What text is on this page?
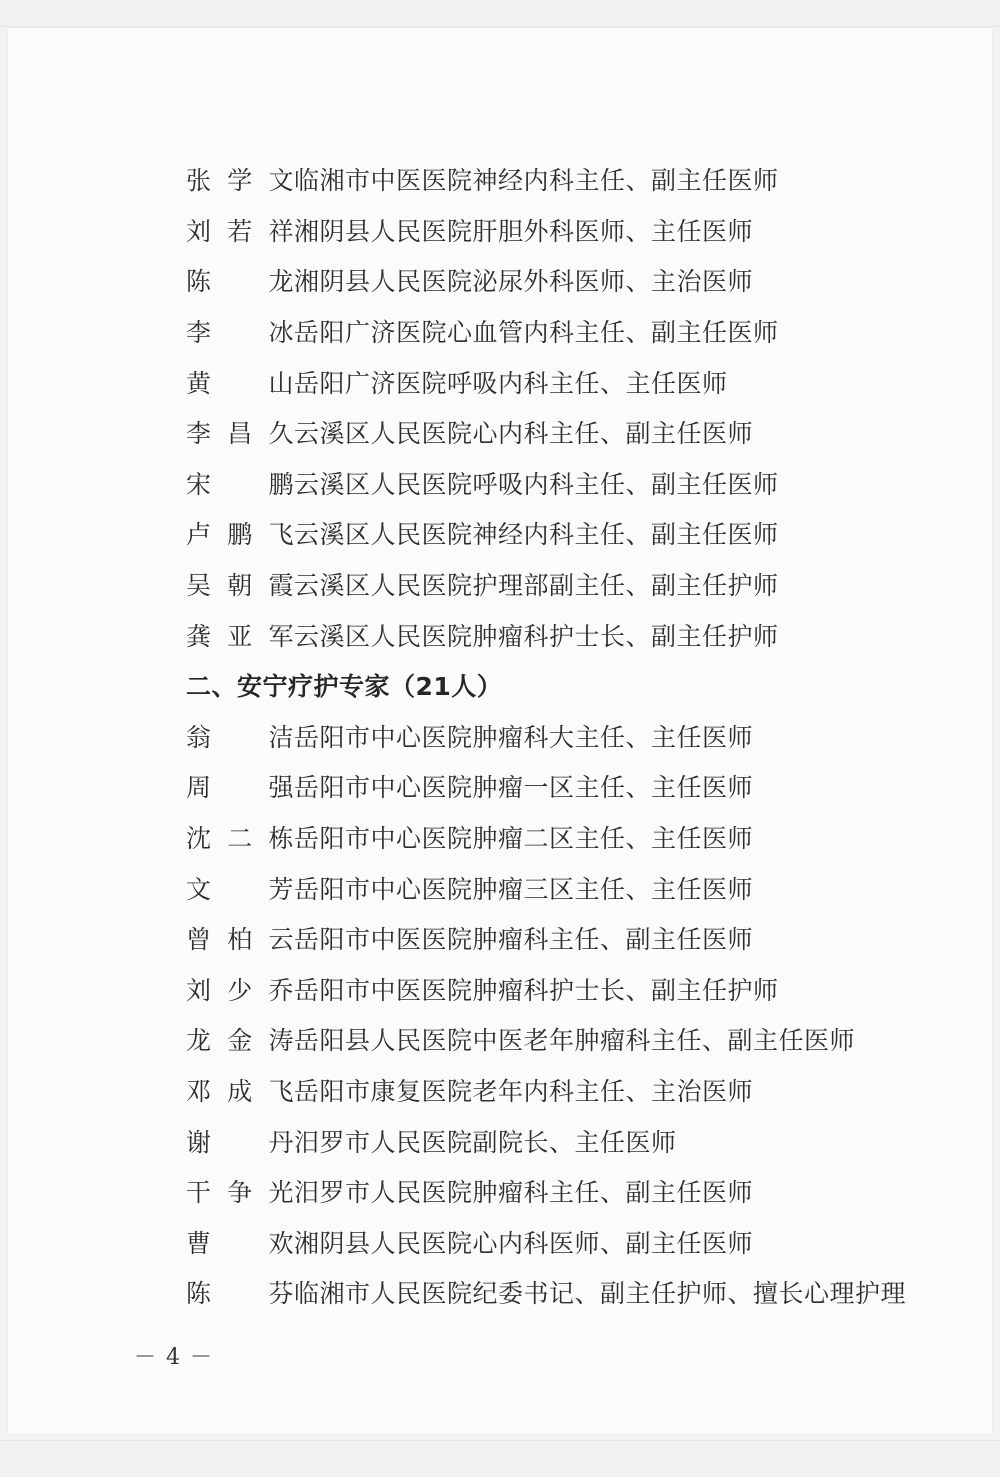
张学文 临湘市中医医院神经内科主任、副主任医师
刘若祥 湘阴县人民医院肝胆外科医师、主任医师
陈 龙 湘阴县人民医院泌尿外科医师、主治医师
李 冰 岳阳广济医院心血管内科主任、副主任医师
黄 山 岳阳广济医院呼吸内科主任、主任医师
李昌久 云溪区人民医院心内科主任、副主任医师
宋 鹏 云溪区人民医院呼吸内科主任、副主任医师
卢鹏飞 云溪区人民医院神经内科主任、副主任医师
吴朝霞 云溪区人民医院护理部副主任、副主任护师
龚亚军 云溪区人民医院肿瘤科护士长、副主任护师
二、安宁疗护专家（21人）
翁 洁 岳阳市中心医院肿瘤科大主任、主任医师
周 强 岳阳市中心医院肿瘤一区主任、主任医师
沈二栋 岳阳市中心医院肿瘤二区主任、主任医师
文 芳 岳阳市中心医院肿瘤三区主任、主任医师
曾柏云 岳阳市中医医院肿瘤科主任、副主任医师
刘少乔 岳阳市中医医院肿瘤科护士长、副主任护师
龙金涛 岳阳县人民医院中医老年肿瘤科主任、副主任医师
邓成飞 岳阳市康复医院老年内科主任、主治医师
谢 丹 汨罗市人民医院副院长、主任医师
干争光 汨罗市人民医院肿瘤科主任、副主任医师
曹 欢 湘阴县人民医院心内科医师、副主任医师
陈 芬 临湘市人民医院纪委书记、副主任护师、擅长心理护理
－4－
